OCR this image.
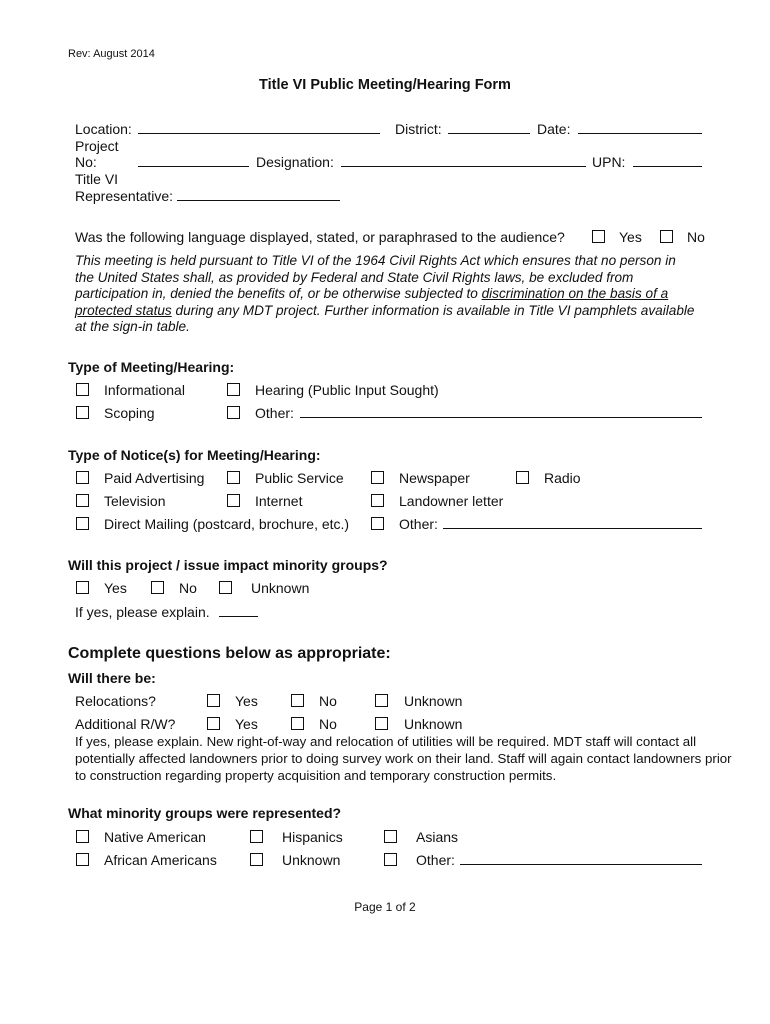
Rev: August 2014
Title VI Public Meeting/Hearing Form
Location:	District:	Date:
Project
No:	Designation:	UPN:
Title VI
Representative:
Was the following language displayed, stated, or paraphrased to the audience?	Yes	No
This meeting is held pursuant to Title VI of the 1964 Civil Rights Act which ensures that no person in the United States shall, as provided by Federal and State Civil Rights laws, be excluded from participation in, denied the benefits of, or be otherwise subjected to discrimination on the basis of a protected status during any MDT project. Further information is available in Title VI pamphlets available at the sign-in table.
Type of Meeting/Hearing:
Informational	Hearing (Public Input Sought)
Scoping	Other:
Type of Notice(s) for Meeting/Hearing:
Paid Advertising	Public Service	Newspaper	Radio
Television	Internet	Landowner letter
Direct Mailing (postcard, brochure, etc.)	Other:
Will this project / issue impact minority groups?
Yes	No	Unknown
If yes, please explain.
Complete questions below as appropriate:
Will there be:
Relocations?	Yes	No	Unknown
Additional R/W?	Yes	No	Unknown
If yes, please explain. New right-of-way and relocation of utilities will be required. MDT staff will contact all potentially affected landowners prior to doing survey work on their land. Staff will again contact landowners prior to construction regarding property acquisition and temporary construction permits.
What minority groups were represented?
Native American	Hispanics	Asians
African Americans	Unknown	Other:
Page 1 of 2
